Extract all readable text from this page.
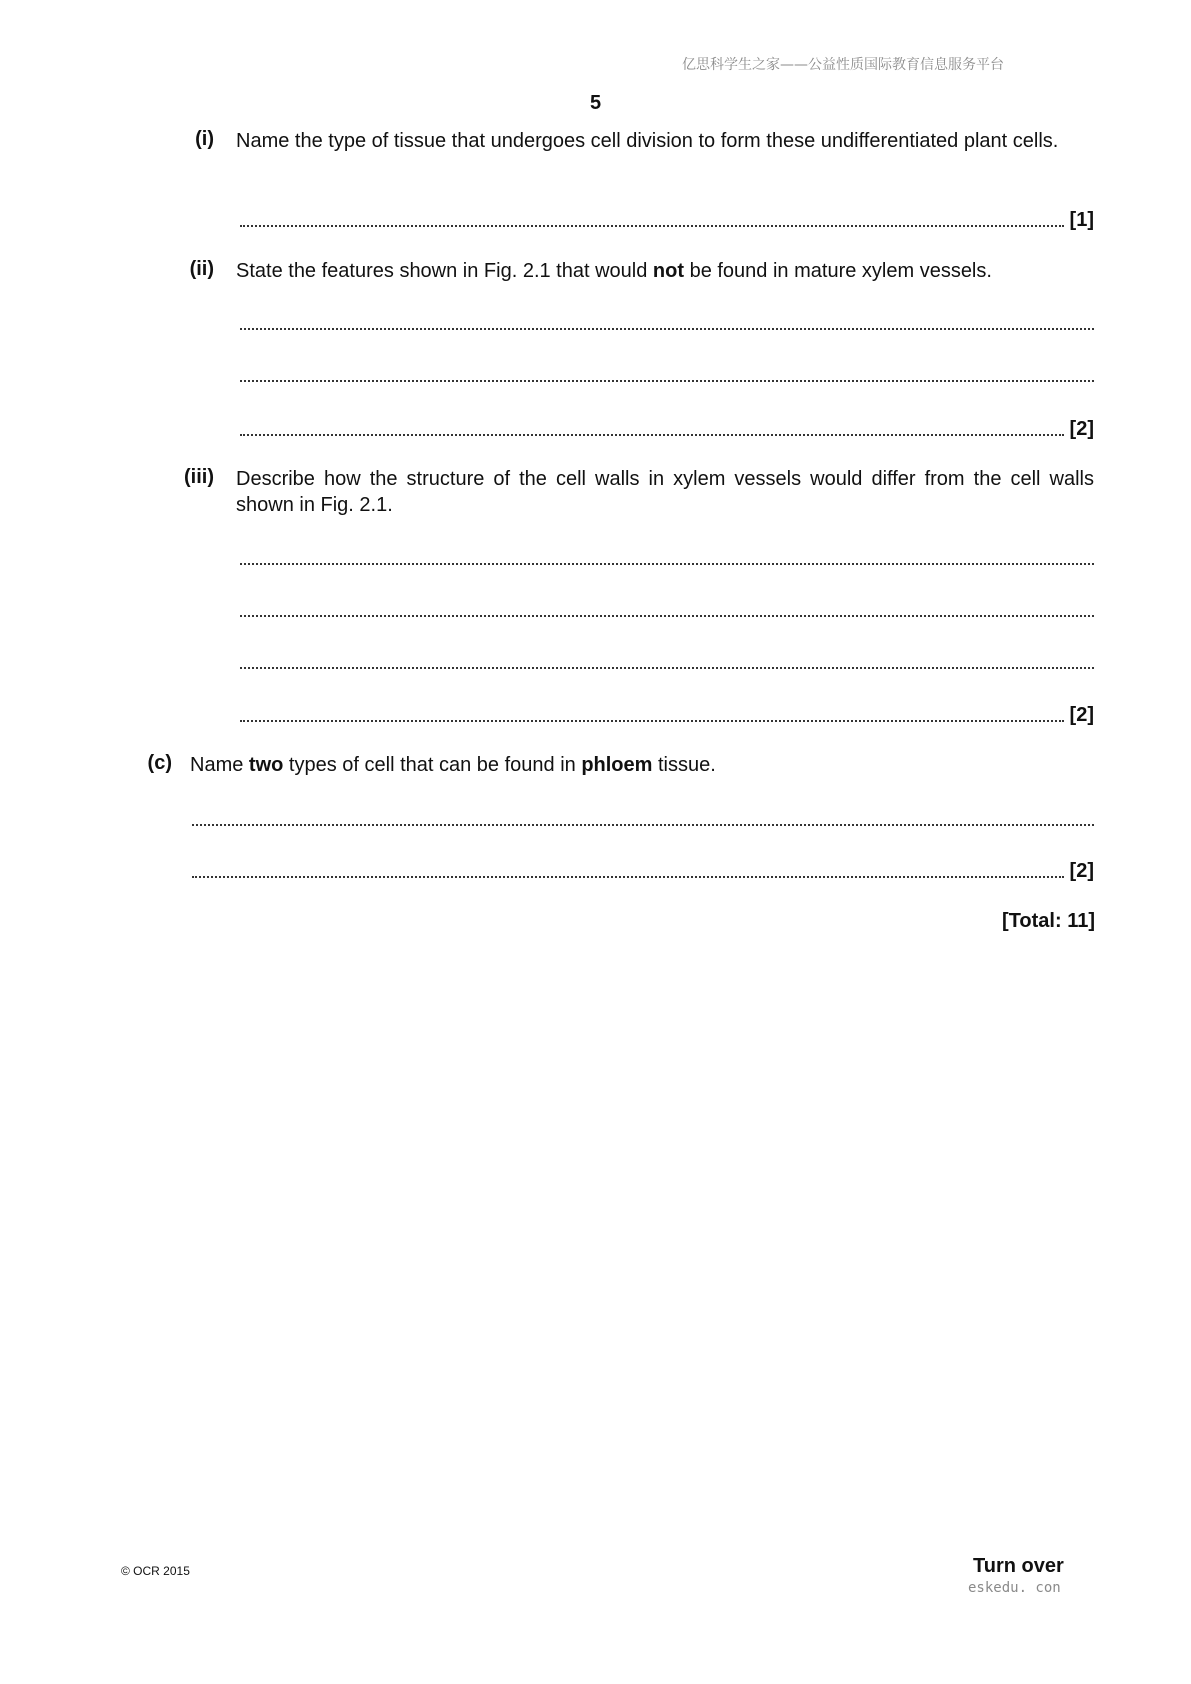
亿思科学生之家——公益性质国际教育信息服务平台
5
(i) Name the type of tissue that undergoes cell division to form these undifferentiated plant cells.
[1]
(ii) State the features shown in Fig. 2.1 that would not be found in mature xylem vessels.
[2]
(iii) Describe how the structure of the cell walls in xylem vessels would differ from the cell walls shown in Fig. 2.1.
[2]
(c) Name two types of cell that can be found in phloem tissue.
[2]
[Total: 11]
© OCR 2015	Turn over
eskedu. con
